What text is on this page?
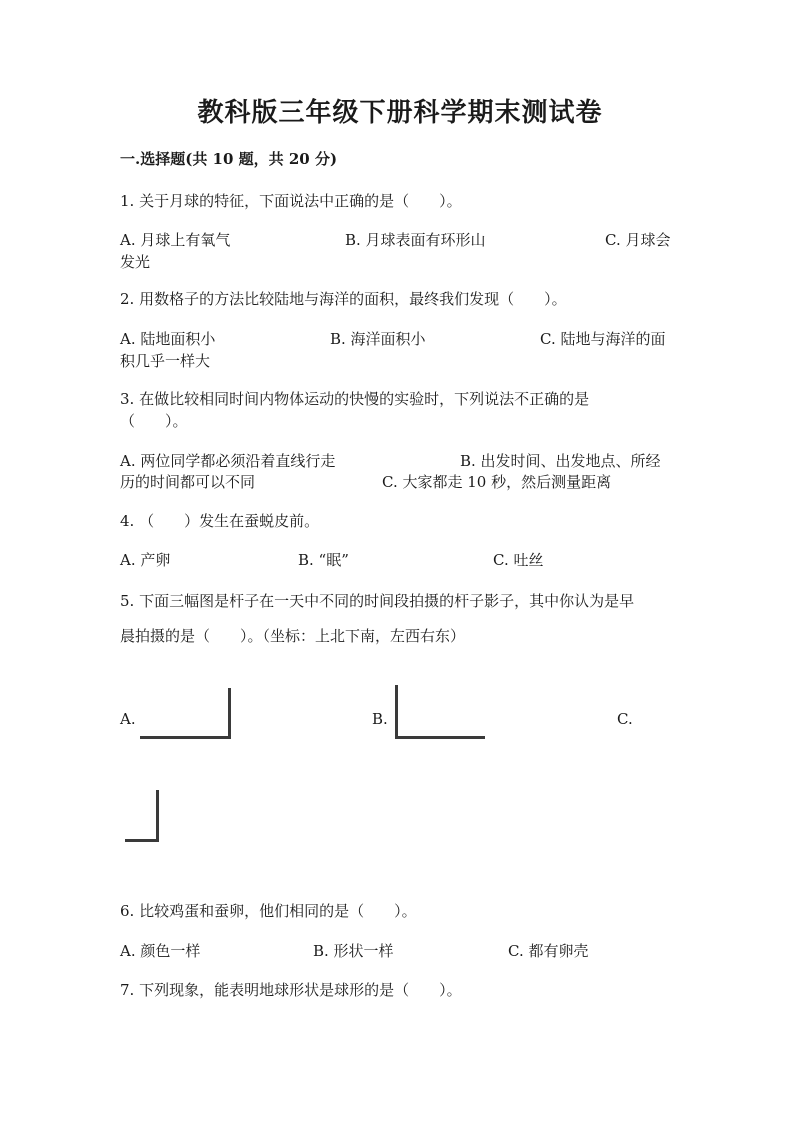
教科版三年级下册科学期末测试卷
一.选择题(共 10 题，共 20 分)
1. 关于月球的特征，下面说法中正确的是（　　）。
A. 月球上有氧气	B. 月球表面有环形山	C. 月球会
发光
2. 用数格子的方法比较陆地与海洋的面积，最终我们发现（　　）。
A. 陆地面积小	B. 海洋面积小	C. 陆地与海洋的面
积几乎一样大
3. 在做比较相同时间内物体运动的快慢的实验时，下列说法不正确的是
（　　）。
A. 两位同学都必须沿着直线行走	B. 出发时间、出发地点、所经
历的时间都可以不同	C. 大家都走 10 秒，然后测量距离
4. （　　）发生在蚕蜕皮前。
A. 产卵	B. “眠”	C. 吐丝
5. 下面三幅图是杆子在一天中不同的时间段拍摄的杆子影子，其中你认为是早
晨拍摄的是（　　）。（坐标：上北下南，左西右东）
A.	B.	C.
6. 比较鸡蛋和蚕卵，他们相同的是（　　）。
A. 颜色一样	B. 形状一样	C. 都有卵壳
7. 下列现象，能表明地球形状是球形的是（　　）。
